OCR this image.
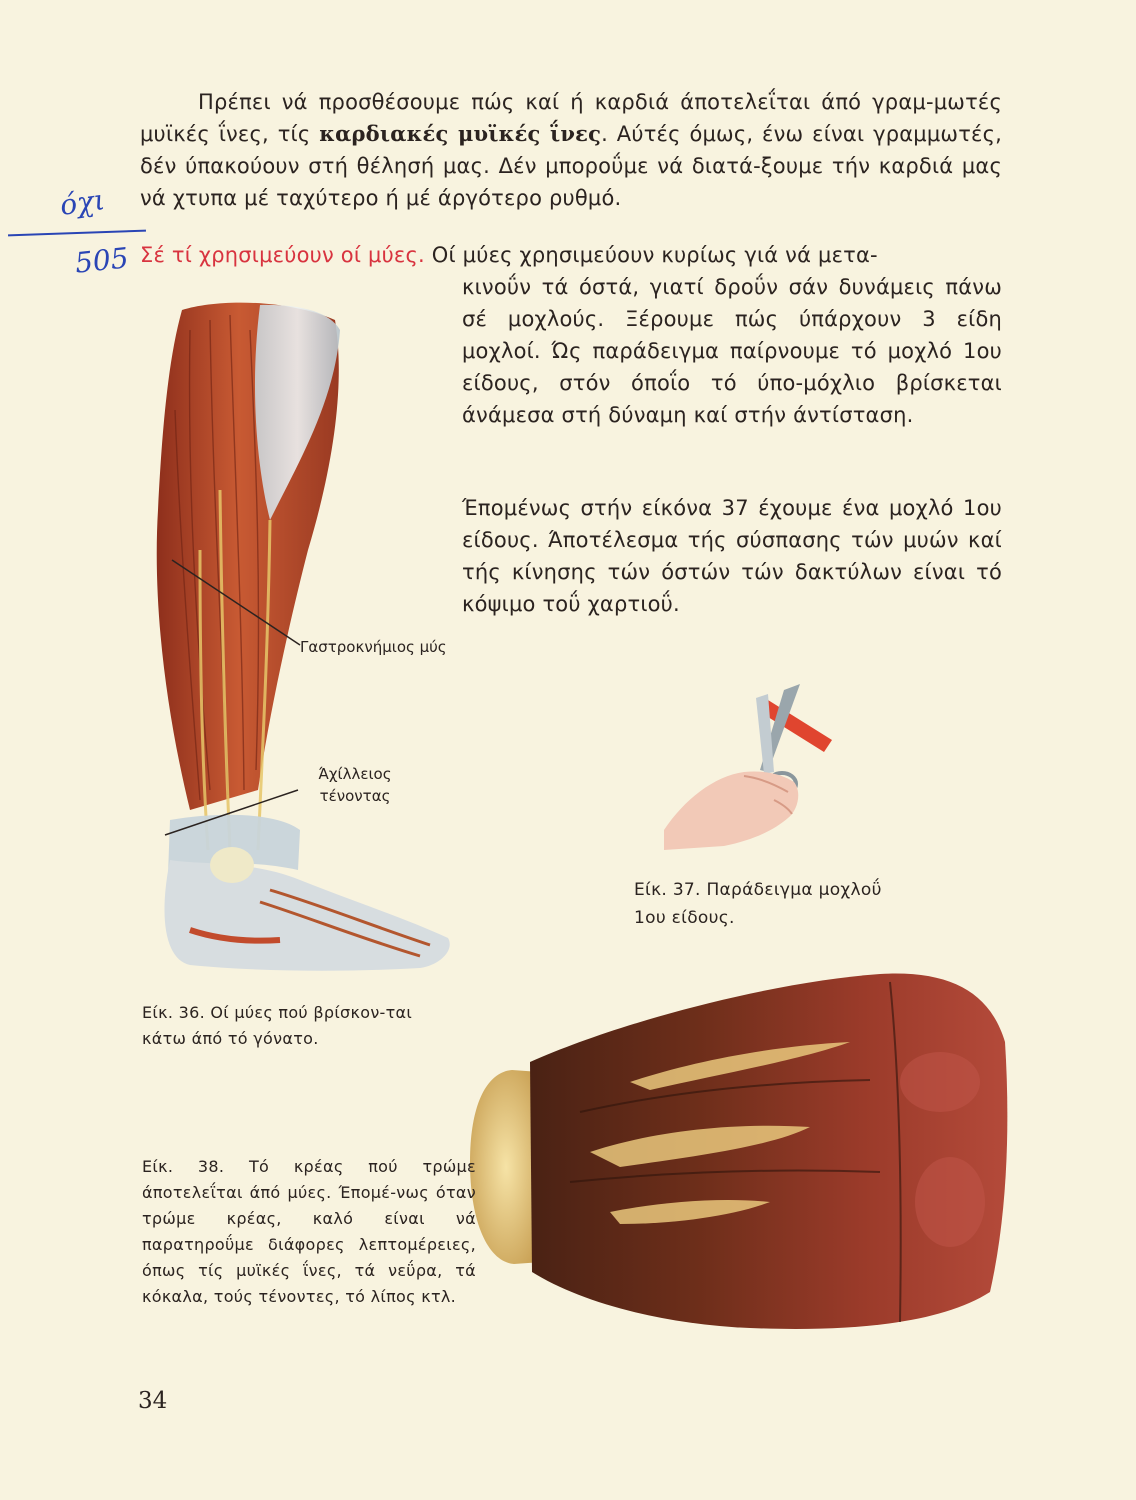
Πρέπει νά προσθέσουμε πώς καί ή καρδιά άποτελεΐται άπό γραμ-μωτές μυϊκές ΐνες, τίς καρδιακές μυϊκές ΐνες. Αύτές όμως, ένω είναι γραμμωτές, δέν ύπακούουν στή θέλησή μας. Δέν μποροΰμε νά διατά-ξουμε τήν καρδιά μας νά χτυπα μέ ταχύτερο ή μέ άργότερο ρυθμό.

όχι
505 Σέ τί χρησιμεύουν οί μύες. Οί μύες χρησιμεύουν κυρίως γιά νά μετα-
κινοΰν τά όστά, γιατί δροΰν σάν δυνάμεις πάνω σέ μοχλούς. Ξέρουμε πώς ύπάρχουν 3 είδη μοχλοί. Ώς παράδειγμα παίρνουμε τό μοχλό 1ου είδους, στόν όποΐο τό ύπο-μόχλιο βρίσκεται άνάμεσα στή δύναμη καί στήν άντίσταση.

Έπομένως στήν είκόνα 37 έχουμε ένα μοχλό 1ου είδους. Άποτέλεσμα τής σύσπασης τών μυών καί τής κίνησης τών όστών τών δακτύλων είναι τό κόψιμο τοΰ χαρτιοΰ.

Γαστροκνήμιος μύς
Άχίλλειος τένοντας

Είκ. 36. Οί μύες πού βρίσκον-ται κάτω άπό τό γόνατο.

Είκ. 37. Παράδειγμα μοχλοΰ 1ου είδους.

Είκ. 38. Τό κρέας πού τρώμε άποτελεΐται άπό μύες. Έπομέ-νως όταν τρώμε κρέας, καλό είναι νά παρατηροΰμε διάφορες λεπτομέρειες, όπως τίς μυϊκές ΐνες, τά νεΰρα, τά κόκαλα, τούς τένοντες, τό λίπος κτλ.

34
